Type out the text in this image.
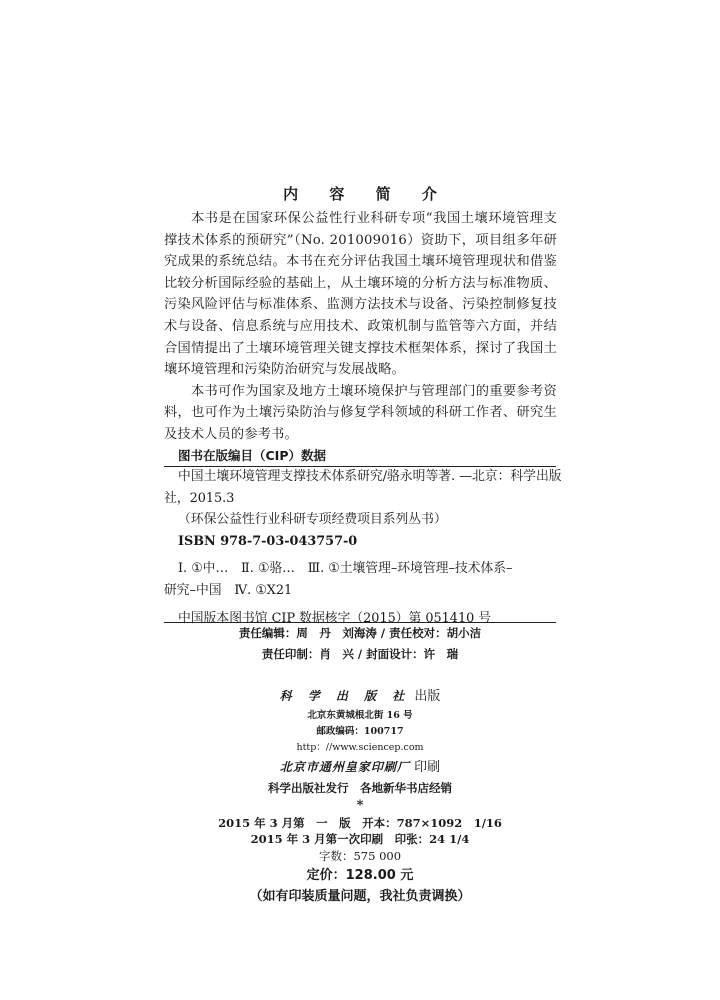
内 容 简 介

本书是在国家环保公益性行业科研专项“我国土壤环境管理支撑技术体系的预研究”（No. 201009016）资助下，项目组多年研究成果的系统总结。本书在充分评估我国土壤环境管理现状和借鉴比较分析国际经验的基础上，从土壤环境的分析方法与标准物质、污染风险评估与标准体系、监测方法技术与设备、污染控制修复技术与设备、信息系统与应用技术、政策机制与监管等六方面，并结合国情提出了土壤环境管理关键支撑技术框架体系，探讨了我国土壤环境管理和污染防治研究与发展战略。

本书可作为国家及地方土壤环境保护与管理部门的重要参考资料，也可作为土壤污染防治与修复学科领域的科研工作者、研究生及技术人员的参考书。

图书在版编目（CIP）数据
中国土壤环境管理支撑技术体系研究/骆永明等著. —北京：科学出版
社，2015.3
（环保公益性行业科研专项经费项目系列丛书）
ISBN 978-7-03-043757-0
Ⅰ. ①中…　Ⅱ. ①骆…　Ⅲ. ①土壤管理–环境管理–技术体系–
研究–中国　Ⅳ. ①X21
中国版本图书馆 CIP 数据核字（2015）第 051410 号
责任编辑：周　丹　刘海涛 / 责任校对：胡小洁
责任印制：肖　兴 / 封面设计：许　瑞
科 学 出 版 社 出版
北京东黄城根北街 16 号
邮政编码：100717
http：//www.sciencep.com
北京市通州皇家印刷厂 印刷
科学出版社发行　各地新华书店经销
*
2015 年 3 月第　一　版　开本：787×1092　1/16
2015 年 3 月第一次印刷　印张：24 1/4
字数：575 000
定价：128.00 元
（如有印装质量问题，我社负责调换）
